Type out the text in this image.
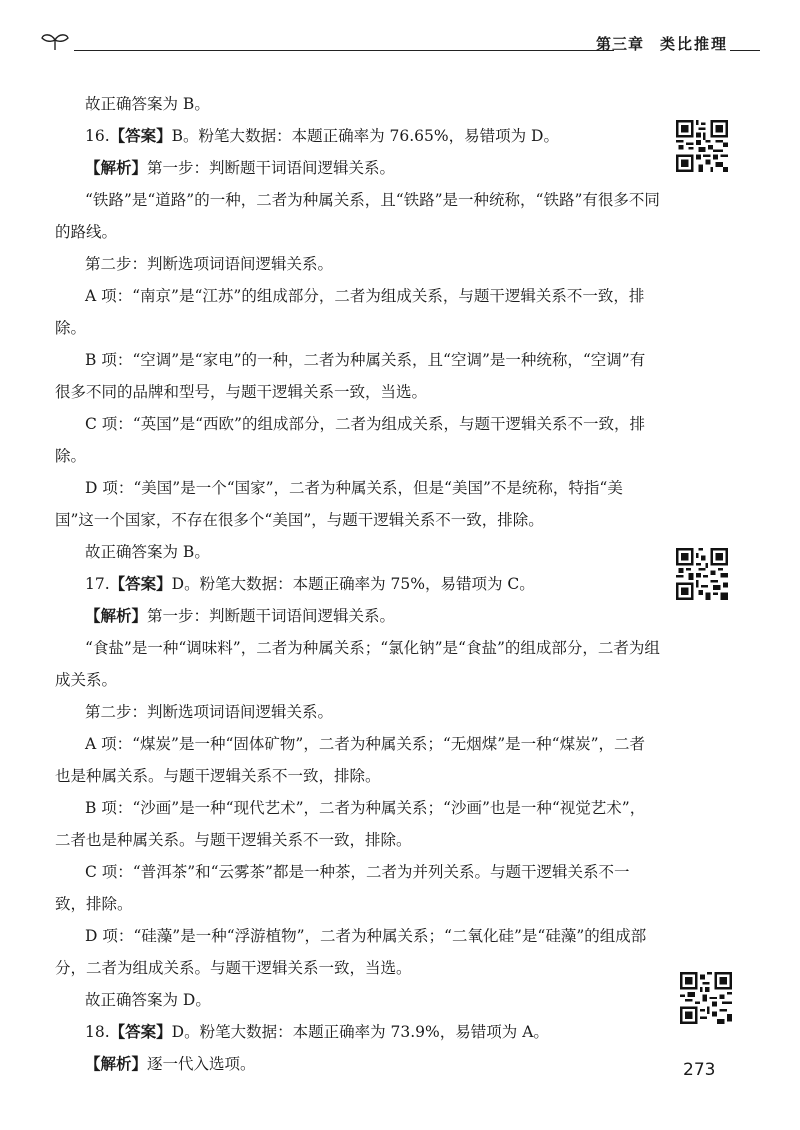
第三章 类比推理

故正确答案为 B。

16.【答案】B。粉笔大数据：本题正确率为 76.65%，易错项为 D。

【解析】第一步：判断题干词语间逻辑关系。

“铁路”是“道路”的一种，二者为种属关系，且“铁路”是一种统称，“铁路”有很多不同的路线。

第二步：判断选项词语间逻辑关系。

A 项：“南京”是“江苏”的组成部分，二者为组成关系，与题干逻辑关系不一致，排除。

B 项：“空调”是“家电”的一种，二者为种属关系，且“空调”是一种统称，“空调”有很多不同的品牌和型号，与题干逻辑关系一致，当选。

C 项：“英国”是“西欧”的组成部分，二者为组成关系，与题干逻辑关系不一致，排除。

D 项：“美国”是一个“国家”，二者为种属关系，但是“美国”不是统称，特指“美国”这一个国家，不存在很多个“美国”，与题干逻辑关系不一致，排除。

故正确答案为 B。

17.【答案】D。粉笔大数据：本题正确率为 75%，易错项为 C。

【解析】第一步：判断题干词语间逻辑关系。

“食盐”是一种“调味料”，二者为种属关系；“氯化钠”是“食盐”的组成部分，二者为组成关系。

第二步：判断选项词语间逻辑关系。

A 项：“煤炭”是一种“固体矿物”，二者为种属关系；“无烟煤”是一种“煤炭”，二者也是种属关系。与题干逻辑关系不一致，排除。

B 项：“沙画”是一种“现代艺术”，二者为种属关系；“沙画”也是一种“视觉艺术”，二者也是种属关系。与题干逻辑关系不一致，排除。

C 项：“普洱茶”和“云雾茶”都是一种茶，二者为并列关系。与题干逻辑关系不一致，排除。

D 项：“硅藻”是一种“浮游植物”，二者为种属关系；“二氧化硅”是“硅藻”的组成部分，二者为组成关系。与题干逻辑关系一致，当选。

故正确答案为 D。

18.【答案】D。粉笔大数据：本题正确率为 73.9%，易错项为 A。

【解析】逐一代入选项。	273
